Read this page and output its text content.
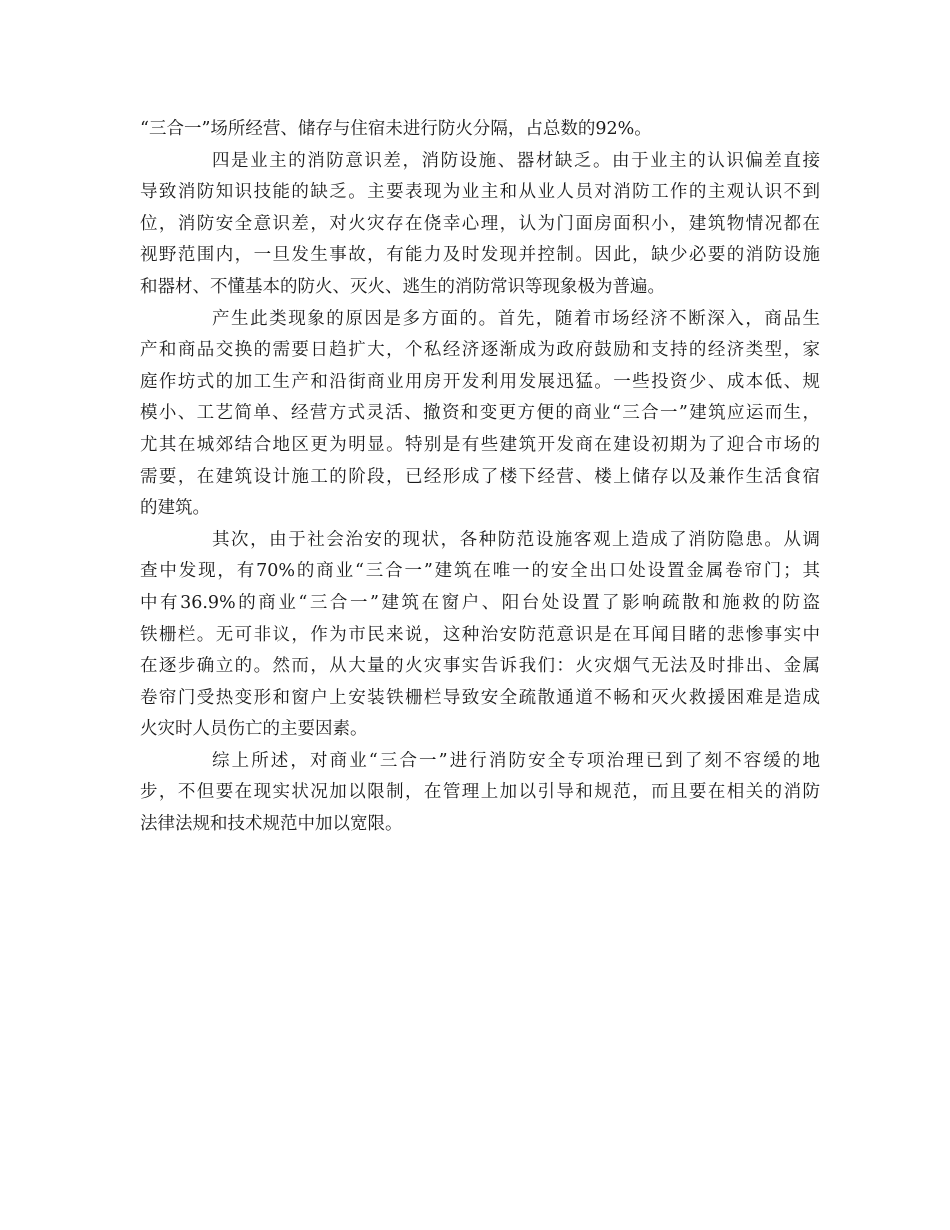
“三合一”场所经营、储存与住宿未进行防火分隔，占总数的92%。
四是业主的消防意识差，消防设施、器材缺乏。由于业主的认识偏差直接
导致消防知识技能的缺乏。主要表现为业主和从业人员对消防工作的主观认识不到
位，消防安全意识差，对火灾存在侥幸心理，认为门面房面积小，建筑物情况都在
视野范围内，一旦发生事故，有能力及时发现并控制。因此，缺少必要的消防设施
和器材、不懂基本的防火、灭火、逃生的消防常识等现象极为普遍。
产生此类现象的原因是多方面的。首先，随着市场经济不断深入，商品生
产和商品交换的需要日趋扩大，个私经济逐渐成为政府鼓励和支持的经济类型，家
庭作坊式的加工生产和沿街商业用房开发利用发展迅猛。一些投资少、成本低、规
模小、工艺简单、经营方式灵活、撤资和变更方便的商业“三合一”建筑应运而生，
尤其在城郊结合地区更为明显。特别是有些建筑开发商在建设初期为了迎合市场的
需要，在建筑设计施工的阶段，已经形成了楼下经营、楼上储存以及兼作生活食宿
的建筑。
其次，由于社会治安的现状，各种防范设施客观上造成了消防隐患。从调
查中发现，有70%的商业“三合一”建筑在唯一的安全出口处设置金属卷帘门；其
中有36.9%的商业“三合一”建筑在窗户、阳台处设置了影响疏散和施救的防盗
铁栅栏。无可非议，作为市民来说，这种治安防范意识是在耳闻目睹的悲惨事实中
在逐步确立的。然而，从大量的火灾事实告诉我们：火灾烟气无法及时排出、金属
卷帘门受热变形和窗户上安装铁栅栏导致安全疏散通道不畅和灭火救援困难是造成
火灾时人员伤亡的主要因素。
综上所述，对商业“三合一”进行消防安全专项治理已到了刻不容缓的地
步，不但要在现实状况加以限制，在管理上加以引导和规范，而且要在相关的消防
法律法规和技术规范中加以宽限。
